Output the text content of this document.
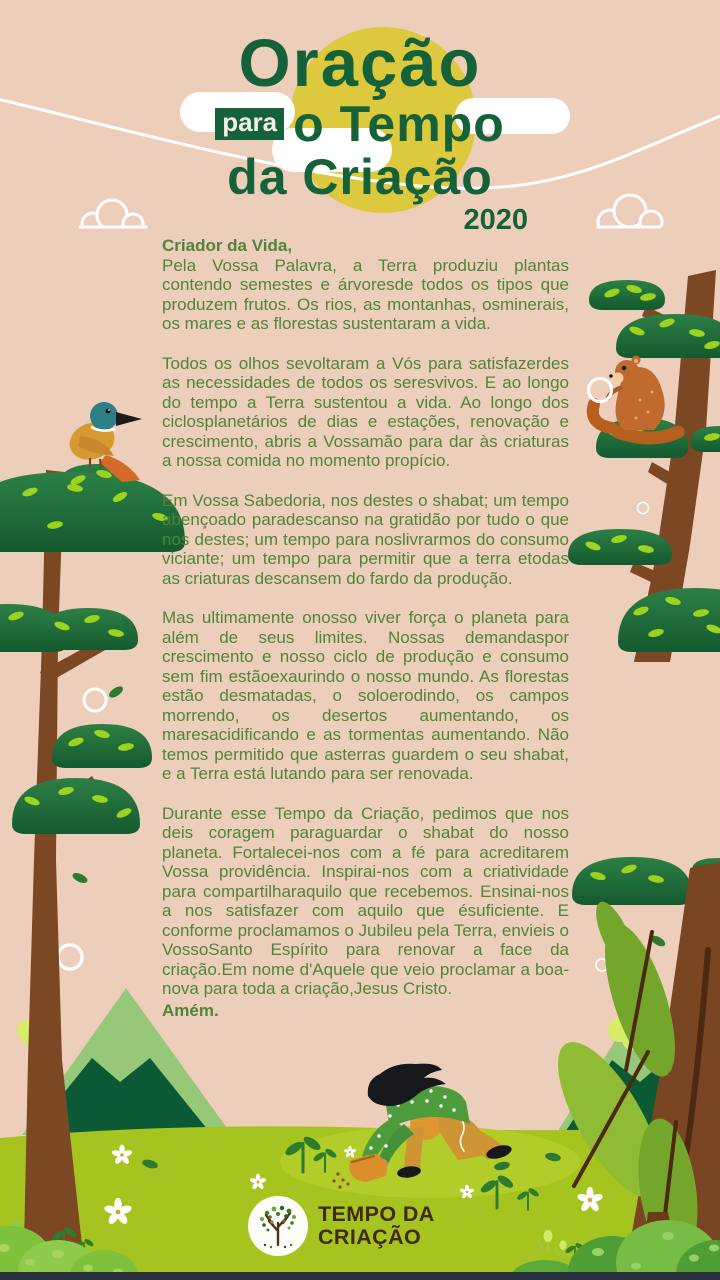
Oração
para o Tempo
da Criação
2020
Criador da Vida,

Pela Vossa Palavra, a Terra produziu plantas contendo semestes e árvoresde todos os tipos que produzem frutos. Os rios, as montanhas, osminerais, os mares e as florestas sustentaram a vida.

Todos os olhos sevoltaram a Vós para satisfazerdes as necessidades de todos os seresvivos. E ao longo do tempo a Terra sustentou a vida. Ao longo dos ciclosplanetários de dias e estações, renovação e crescimento, abris a Vossamão para dar às criaturas a nossa comida no momento propício.

Em Vossa Sabedoria, nos destes o shabat; um tempo abençoado paradescanso na gratidão por tudo o que nos destes; um tempo para noslivrarmos do consumo viciante; um tempo para permitir que a terra etodas as criaturas descansem do fardo da produção.

Mas ultimamente onosso viver força o planeta para além de seus limites. Nossas demandaspor crescimento e nosso ciclo de produção e consumo sem fim estãoexaurindo o nosso mundo. As florestas estão desmatadas, o soloerodindo, os campos morrendo, os desertos aumentando, os maresacidificando e as tormentas aumentando. Não temos permitido que asterras guardem o seu shabat, e a Terra está lutando para ser renovada.

Durante esse Tempo da Criação, pedimos que nos deis coragem paraguardar o shabat do nosso planeta. Fortalecei-nos com a fé para acreditarem Vossa providência. Inspirai-nos com a criatividade para compartilharaquilo que recebemos. Ensinai-nos a nos satisfazer com aquilo que ésuficiente. E conforme proclamamos o Jubileu pela Terra, envieis o VossoSanto Espírito para renovar a face da criação.Em nome d'Aquele que veio proclamar a boa-nova para toda a criação,Jesus Cristo.

Amém.
TEMPO DA
CRIAÇÃO
